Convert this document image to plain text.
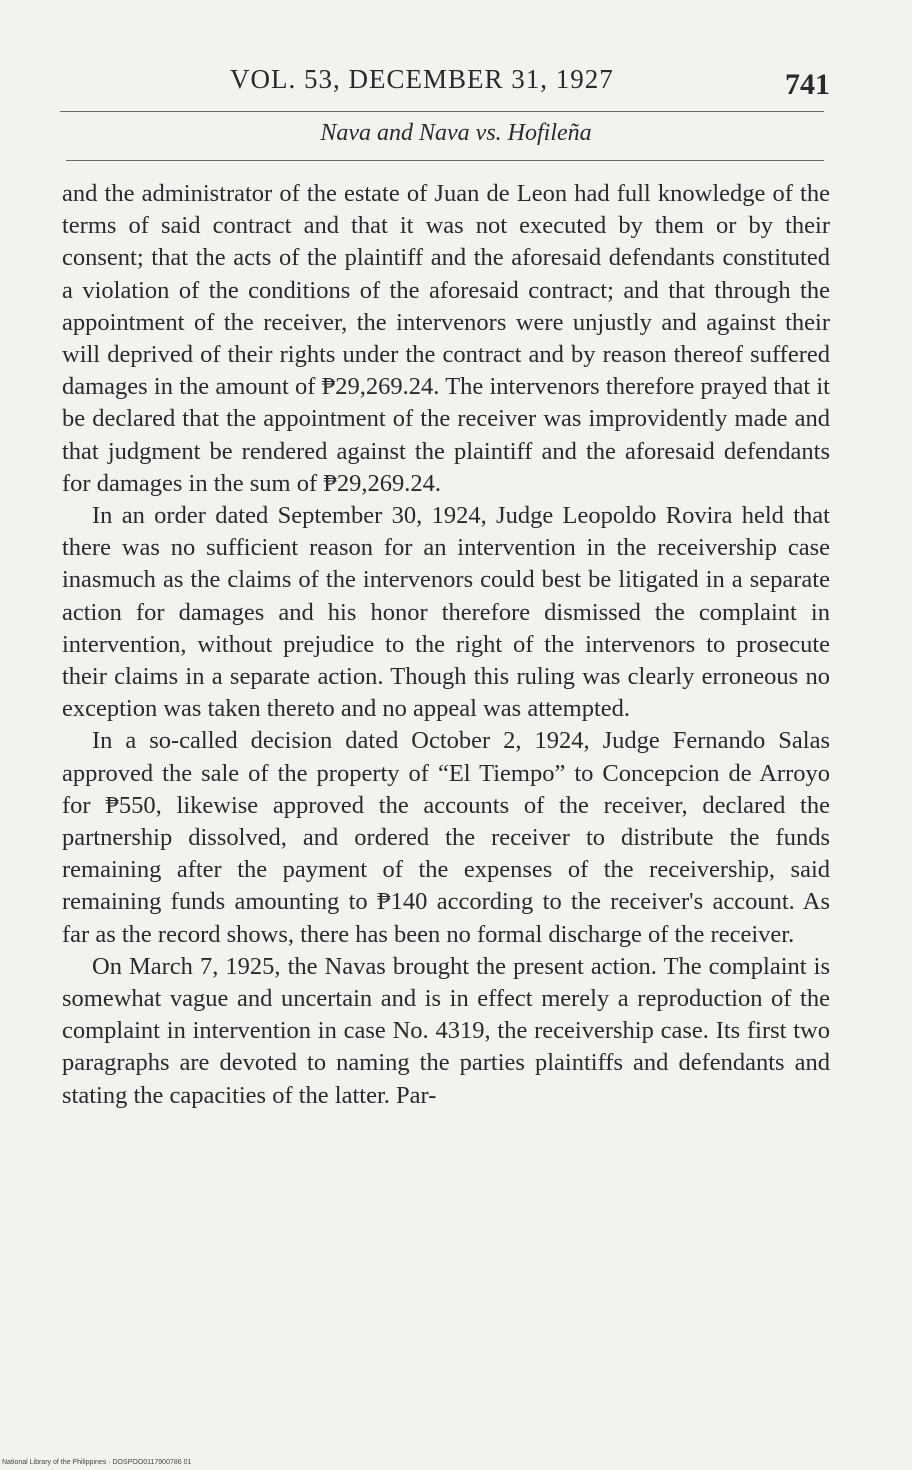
VOL. 53, DECEMBER 31, 1927	741
Nava and Nava vs. Hofileña

and the administrator of the estate of Juan de Leon had full knowledge of the terms of said contract and that it was not executed by them or by their consent; that the acts of the plaintiff and the aforesaid defendants constituted a violation of the conditions of the aforesaid contract; and that through the appointment of the receiver, the intervenors were unjustly and against their will deprived of their rights under the contract and by reason thereof suffered damages in the amount of ₱29,269.24. The intervenors therefore prayed that it be declared that the appointment of the receiver was improvidently made and that judgment be rendered against the plaintiff and the aforesaid defendants for damages in the sum of ₱29,269.24.

In an order dated September 30, 1924, Judge Leopoldo Rovira held that there was no sufficient reason for an intervention in the receivership case inasmuch as the claims of the intervenors could best be litigated in a separate action for damages and his honor therefore dismissed the complaint in intervention, without prejudice to the right of the intervenors to prosecute their claims in a separate action. Though this ruling was clearly erroneous no exception was taken thereto and no appeal was attempted.

In a so-called decision dated October 2, 1924, Judge Fernando Salas approved the sale of the property of “El Tiempo” to Concepcion de Arroyo for ₱550, likewise approved the accounts of the receiver, declared the partnership dissolved, and ordered the receiver to distribute the funds remaining after the payment of the expenses of the receivership, said remaining funds amounting to ₱140 according to the receiver's account. As far as the record shows, there has been no formal discharge of the receiver.

On March 7, 1925, the Navas brought the present action. The complaint is somewhat vague and uncertain and is in effect merely a reproduction of the complaint in intervention in case No. 4319, the receivership case. Its first two paragraphs are devoted to naming the parties plaintiffs and defendants and stating the capacities of the latter. Par-

National Library of the Philippines · DOSPOO0117900786 01
